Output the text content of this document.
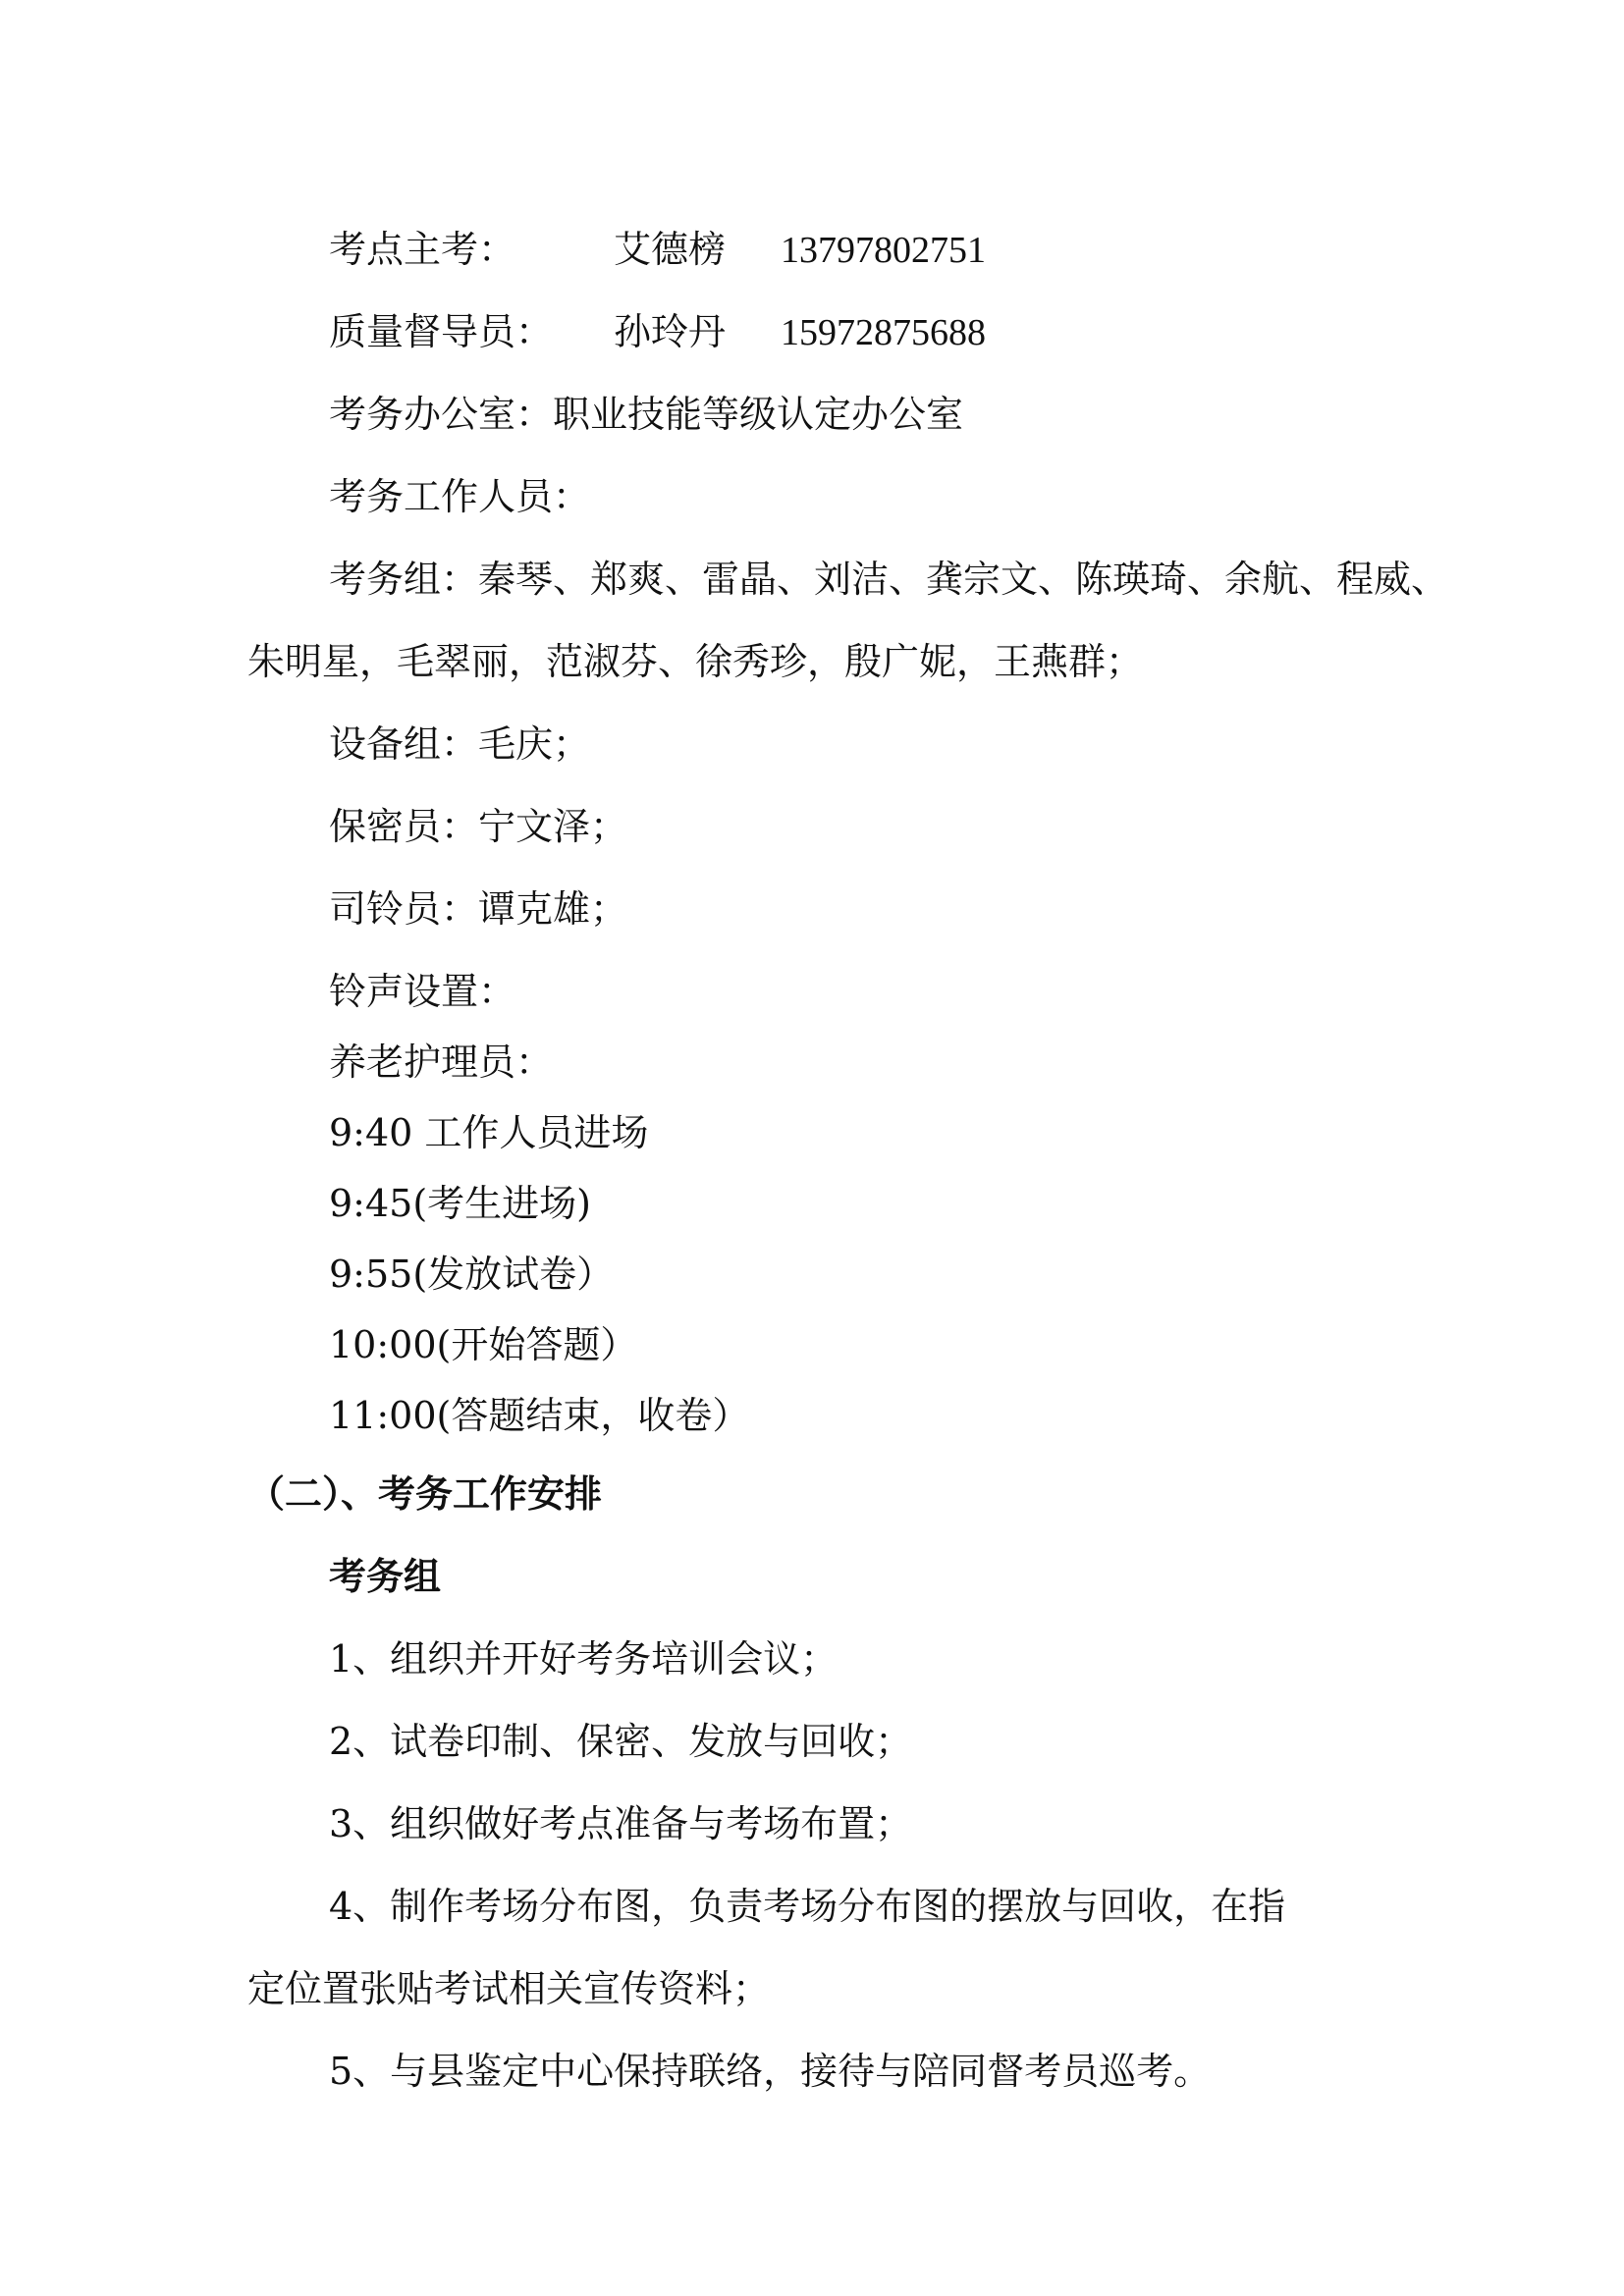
考点主考：	艾德榜 13797802751
质量督导员： 孙玲丹 15972875688
考务办公室：职业技能等级认定办公室
考务工作人员：
考务组：秦琴、郑爽、雷晶、刘洁、龚宗文、陈瑛琦、余航、程威、
朱明星，毛翠丽，范淑芬、徐秀珍，殷广妮，王燕群；
设备组：毛庆；
保密员：宁文泽；
司铃员：谭克雄；
铃声设置：
养老护理员：
9:40 工作人员进场
9:45(考生进场)
9:55(发放试卷）
10:00(开始答题）
11:00(答题结束，收卷）
（二）、考务工作安排
考务组
1、组织并开好考务培训会议；
2、试卷印制、保密、发放与回收；
3、组织做好考点准备与考场布置；
4、制作考场分布图，负责考场分布图的摆放与回收，在指
定位置张贴考试相关宣传资料；
5、与县鉴定中心保持联络，接待与陪同督考员巡考。
